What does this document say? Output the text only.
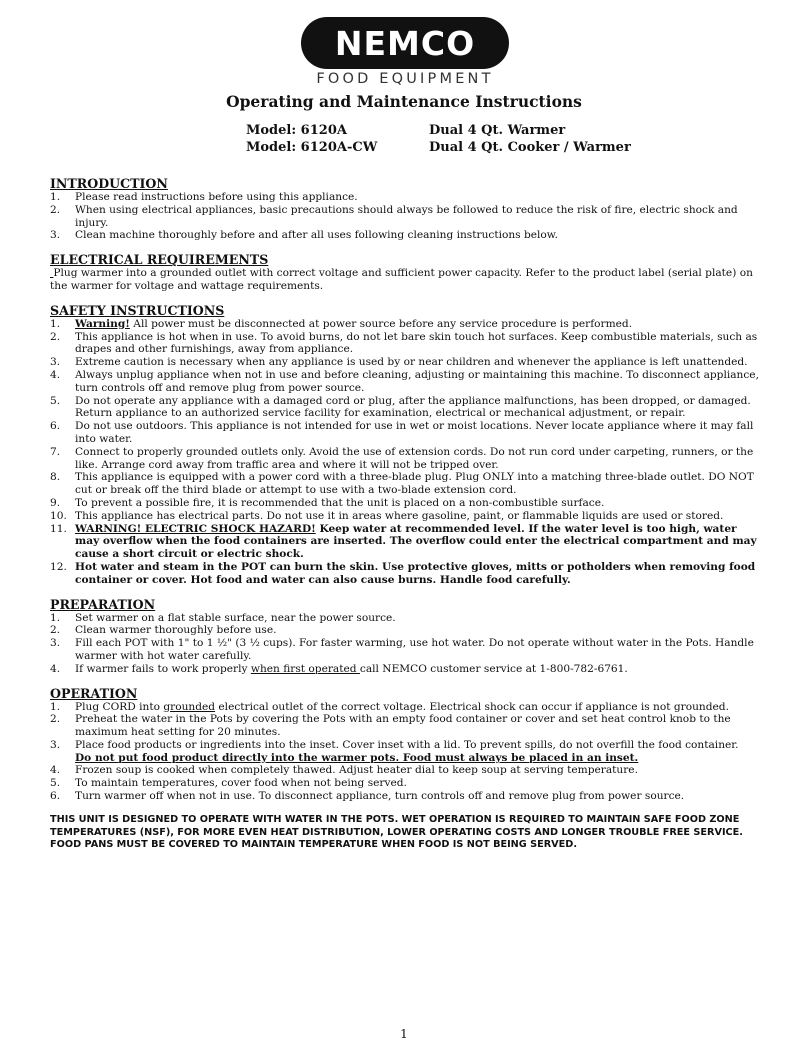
NEMCO
FOOD EQUIPMENT
Operating and Maintenance Instructions
Model: 6120A	Dual 4 Qt. Warmer
Model: 6120A-CW	Dual 4 Qt. Cooker / Warmer

INTRODUCTION

1.	Please read instructions before using this appliance.
2.	When using electrical appliances, basic precautions should always be followed to reduce the risk of fire, electric shock and injury.
3.	Clean machine thoroughly before and after all uses following cleaning instructions below.

ELECTRICAL REQUIREMENTS

Plug warmer into a grounded outlet with correct voltage and sufficient power capacity. Refer to the product label (serial plate) on the warmer for voltage and wattage requirements.

SAFETY INSTRUCTIONS

1.	Warning! All power must be disconnected at power source before any service procedure is performed.
2.	This appliance is hot when in use. To avoid burns, do not let bare skin touch hot surfaces. Keep combustible materials, such as drapes and other furnishings, away from appliance.
3.	Extreme caution is necessary when any appliance is used by or near children and whenever the appliance is left unattended.
4.	Always unplug appliance when not in use and before cleaning, adjusting or maintaining this machine. To disconnect appliance, turn controls off and remove plug from power source.
5.	Do not operate any appliance with a damaged cord or plug, after the appliance malfunctions, has been dropped, or damaged. Return appliance to an authorized service facility for examination, electrical or mechanical adjustment, or repair.
6.	Do not use outdoors. This appliance is not intended for use in wet or moist locations. Never locate appliance where it may fall into water.
7.	Connect to properly grounded outlets only. Avoid the use of extension cords. Do not run cord under carpeting, runners, or the like. Arrange cord away from traffic area and where it will not be tripped over.
8.	This appliance is equipped with a power cord with a three-blade plug. Plug ONLY into a matching three-blade outlet. DO NOT cut or break off the third blade or attempt to use with a two-blade extension cord.
9.	To prevent a possible fire, it is recommended that the unit is placed on a non-combustible surface.
10. This appliance has electrical parts. Do not use it in areas where gasoline, paint, or flammable liquids are used or stored.
11. WARNING! ELECTRIC SHOCK HAZARD! Keep water at recommended level. If the water level is too high, water may overflow when the food containers are inserted. The overflow could enter the electrical compartment and may cause a short circuit or electric shock.
12. Hot water and steam in the POT can burn the skin. Use protective gloves, mitts or potholders when removing food container or cover. Hot food and water can also cause burns. Handle food carefully.

PREPARATION

1.	Set warmer on a flat stable surface, near the power source.
2.	Clean warmer thoroughly before use.
3.	Fill each POT with 1" to 1 ½" (3 ½ cups). For faster warming, use hot water. Do not operate without water in the Pots. Handle warmer with hot water carefully.
4.	If warmer fails to work properly when first operated call NEMCO customer service at 1-800-782-6761.

OPERATION

1.	Plug CORD into grounded electrical outlet of the correct voltage. Electrical shock can occur if appliance is not grounded.
2.	Preheat the water in the Pots by covering the Pots with an empty food container or cover and set heat control knob to the maximum heat setting for 20 minutes.
3.	Place food products or ingredients into the inset. Cover inset with a lid. To prevent spills, do not overfill the food container.
Do not put food product directly into the warmer pots. Food must always be placed in an inset.
4.	Frozen soup is cooked when completely thawed. Adjust heater dial to keep soup at serving temperature.
5.	To maintain temperatures, cover food when not being served.
6.	Turn warmer off when not in use. To disconnect appliance, turn controls off and remove plug from power source.
THIS UNIT IS DESIGNED TO OPERATE WITH WATER IN THE POTS. WET OPERATION IS REQUIRED TO MAINTAIN SAFE FOOD ZONE TEMPERATURES (NSF), FOR MORE EVEN HEAT DISTRIBUTION, LOWER OPERATING COSTS AND LONGER TROUBLE FREE SERVICE. FOOD PANS MUST BE COVERED TO MAINTAIN TEMPERATURE WHEN FOOD IS NOT BEING SERVED.
1
